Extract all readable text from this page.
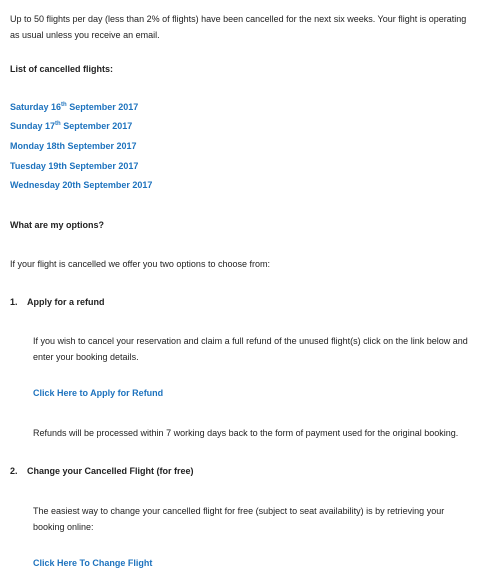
Up to 50 flights per day (less than 2% of flights) have been cancelled for the next six weeks. Your flight is operating as usual unless you receive an email.
List of cancelled flights:
Saturday 16th September 2017
Sunday 17th September 2017
Monday 18th September 2017
Tuesday 19th September 2017
Wednesday 20th September 2017
What are my options?
If your flight is cancelled we offer you two options to choose from:
1. Apply for a refund
If you wish to cancel your reservation and claim a full refund of the unused flight(s) click on the link below and enter your booking details.
Click Here to Apply for Refund
Refunds will be processed within 7 working days back to the form of payment used for the original booking.
2. Change your Cancelled Flight (for free)
The easiest way to change your cancelled flight for free (subject to seat availability) is by retrieving your booking online:
Click Here To Change Flight
